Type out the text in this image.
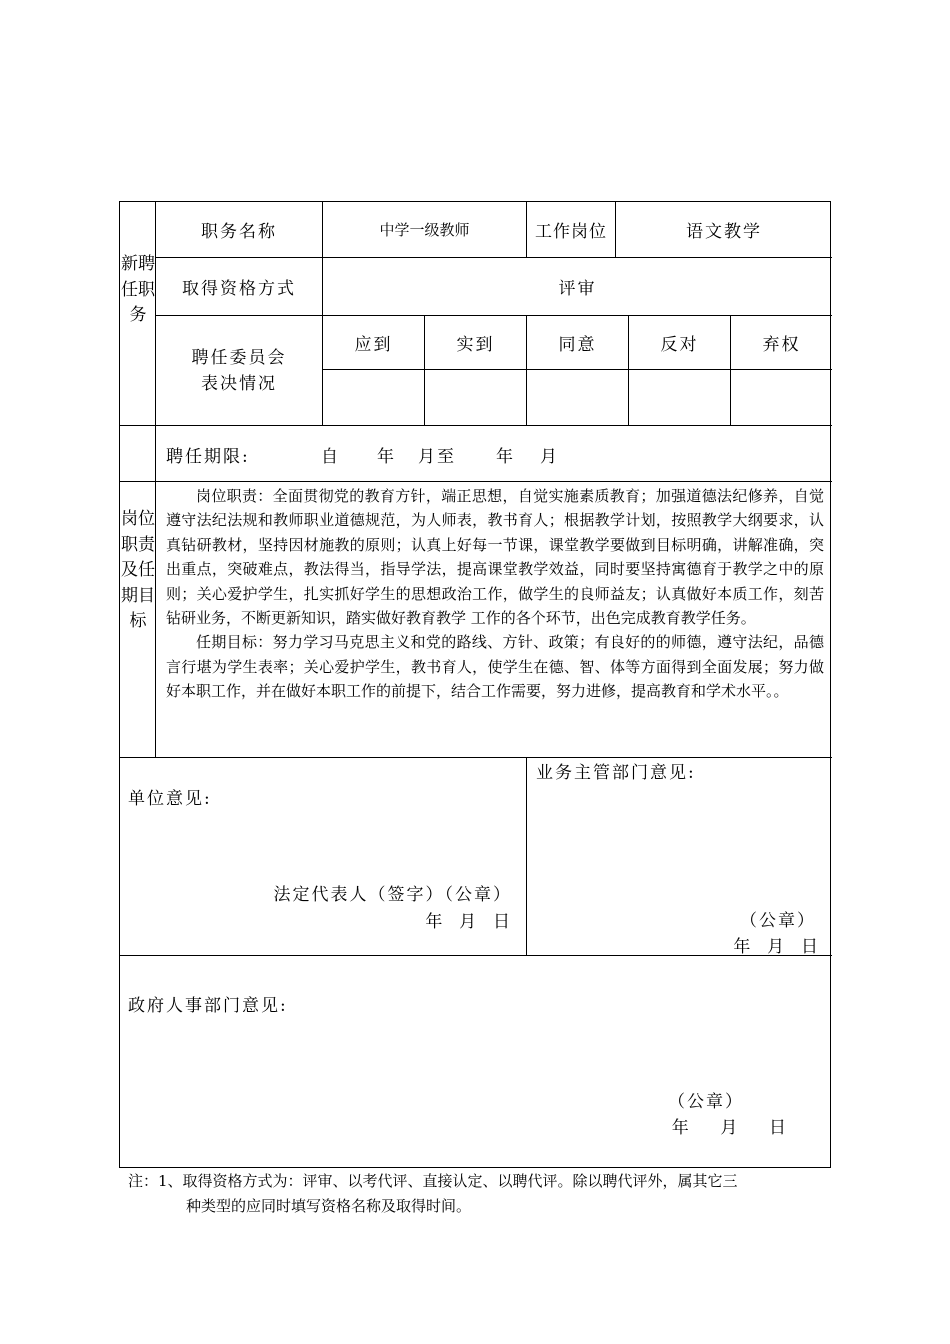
新聘任职务
岗位职责及任期目标
职务名称	中学一级教师	工作岗位	语文教学
取得资格方式	评审
聘任委员会
表决情况
应到	实到	同意	反对	弃权
聘任期限:	自 年 月至 年 月

岗位职责：全面贯彻党的教育方针，端正思想，自觉实施素质教育；加强道德法纪修养，自觉遵守法纪法规和教师职业道德规范，为人师表，教书育人；根据教学计划，按照教学大纲要求，认真钻研教材，坚持因材施教的原则；认真上好每一节课，课堂教学要做到目标明确，讲解准确，突出重点，突破难点，教法得当，指导学法，提高课堂教学效益，同时要坚持寓德育于教学之中的原则；关心爱护学生，扎实抓好学生的思想政治工作，做学生的良师益友；认真做好本质工作，刻苦钻研业务，不断更新知识，踏实做好教育教学 工作的各个环节，出色完成教育教学任务。

任期目标：努力学习马克思主义和党的路线、方针、政策；有良好的的师德，遵守法纪，品德言行堪为学生表率；关心爱护学生，教书育人，使学生在德、智、体等方面得到全面发展；努力做好本职工作，并在做好本职工作的前提下，结合工作需要，努力进修，提高教育和学术水平。。

单位意见:
法定代表人（签字）（公章）
年  月  日
业务主管部门意见:
（公章）
年  月  日
政府人事部门意见:
（公章）
年    月    日
注：1、取得资格方式为：评审、以考代评、直接认定、以聘代评。除以聘代评外，属其它三
种类型的应同时填写资格名称及取得时间。
